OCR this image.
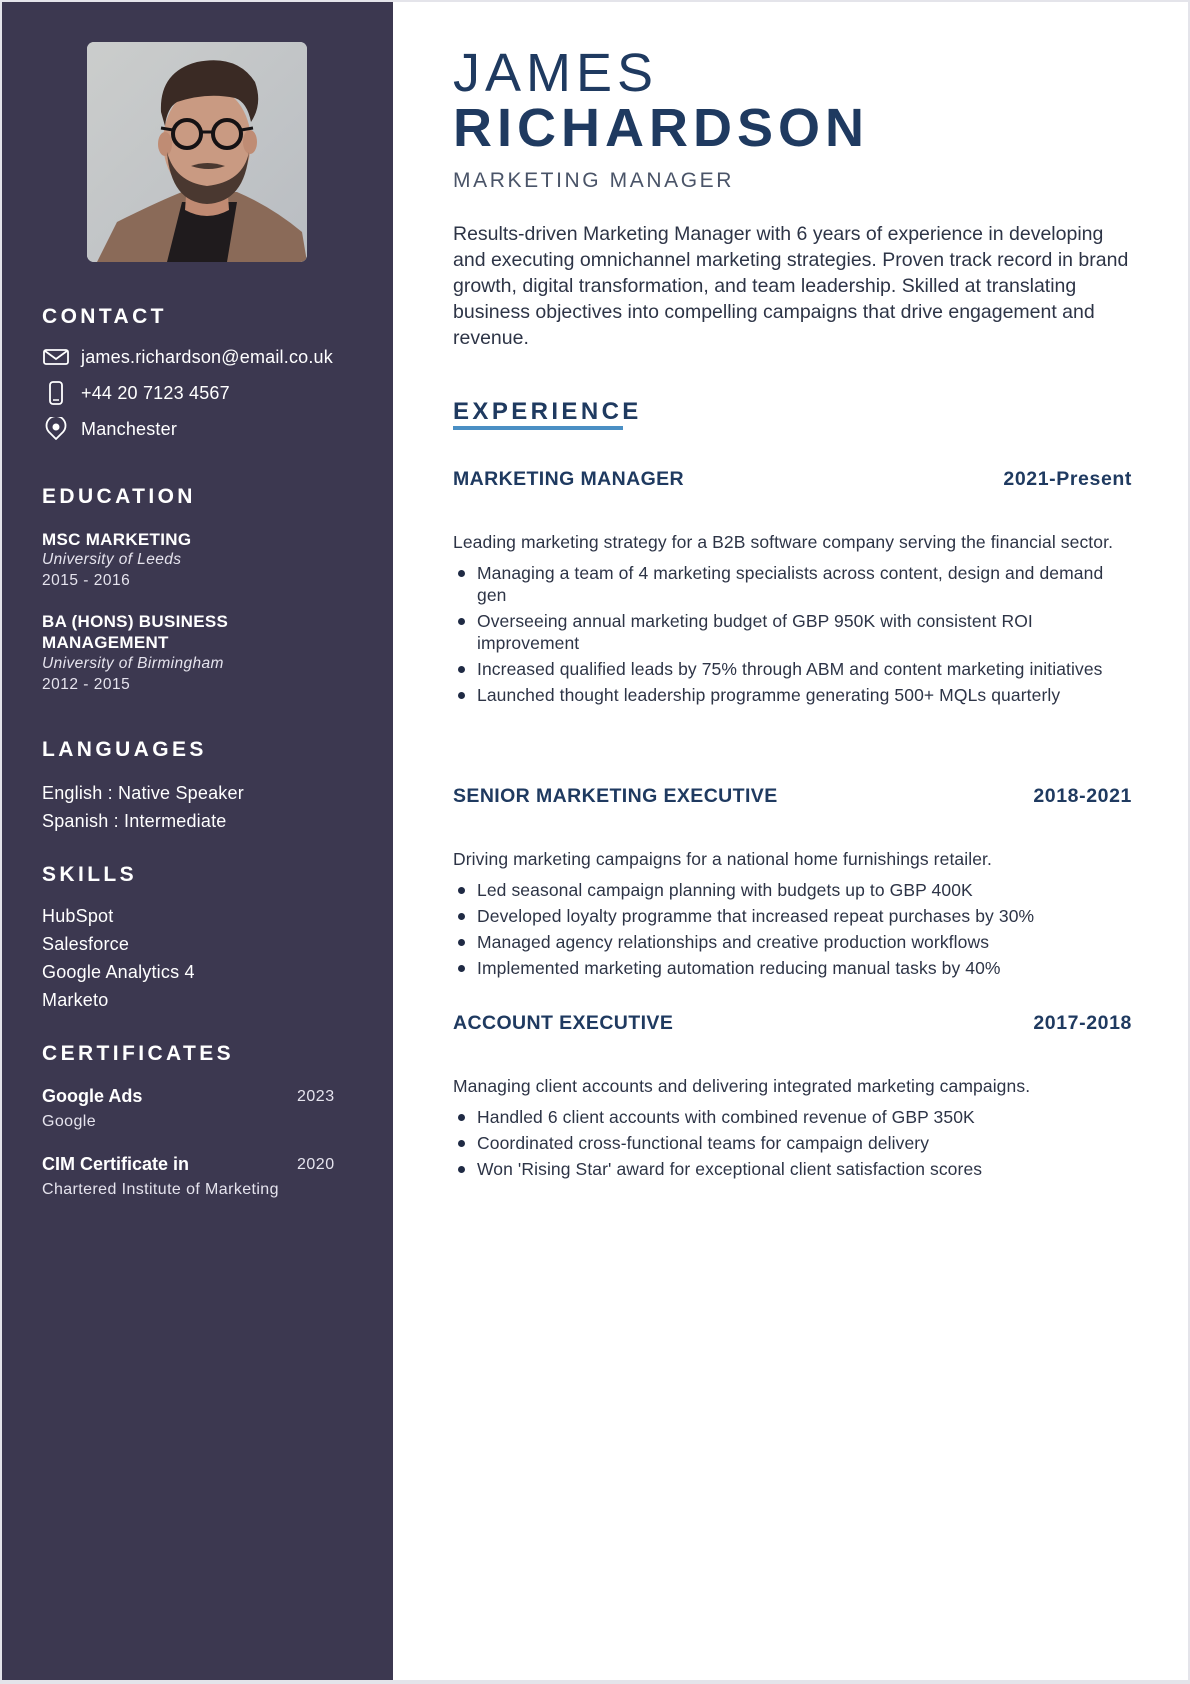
CONTACT
james.richardson@email.co.uk
+44 20 7123 4567
Manchester
EDUCATION
MSC MARKETING
University of Leeds
2015 - 2016
BA (HONS) BUSINESS
MANAGEMENT
University of Birmingham
2012 - 2015
LANGUAGES
English : Native Speaker
Spanish : Intermediate
SKILLS
HubSpot
Salesforce
Google Analytics 4
Marketo
CERTIFICATES
Google Ads	2023
Google
CIM Certificate in	2020
Chartered Institute of Marketing
JAMES
RICHARDSON
MARKETING MANAGER

Results-driven Marketing Manager with 6 years of experience in developing and executing omnichannel marketing strategies. Proven track record in brand growth, digital transformation, and team leadership. Skilled at translating business objectives into compelling campaigns that drive engagement and revenue.

EXPERIENCE
MARKETING MANAGER	2021-Present

Leading marketing strategy for a B2B software company serving the financial sector.

Managing a team of 4 marketing specialists across content, design and demand gen
Overseeing annual marketing budget of GBP 950K with consistent ROI improvement
Increased qualified leads by 75% through ABM and content marketing initiatives
Launched thought leadership programme generating 500+ MQLs quarterly
SENIOR MARKETING EXECUTIVE	2018-2021

Driving marketing campaigns for a national home furnishings retailer.

Led seasonal campaign planning with budgets up to GBP 400K
Developed loyalty programme that increased repeat purchases by 30%
Managed agency relationships and creative production workflows
Implemented marketing automation reducing manual tasks by 40%
ACCOUNT EXECUTIVE	2017-2018

Managing client accounts and delivering integrated marketing campaigns.

Handled 6 client accounts with combined revenue of GBP 350K
Coordinated cross-functional teams for campaign delivery
Won 'Rising Star' award for exceptional client satisfaction scores
